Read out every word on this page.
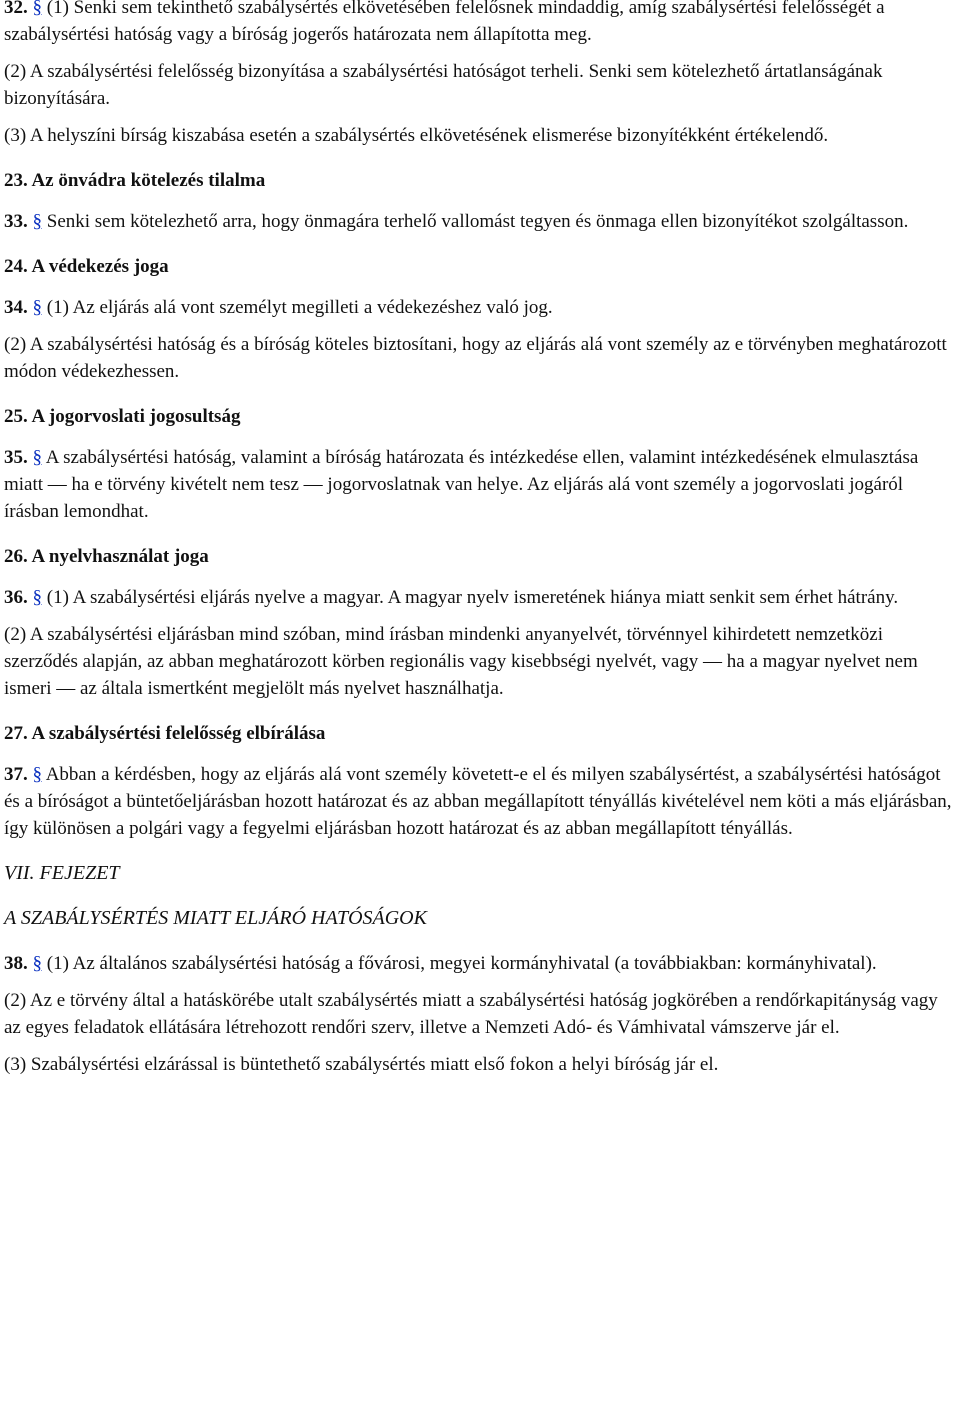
32. § (1) Senki sem tekinthető szabálysértés elkövetésében felelősnek mindaddig, amíg szabálysértési felelősségét a szabálysértési hatóság vagy a bíróság jogerős határozata nem állapította meg.

(2) A szabálysértési felelősség bizonyítása a szabálysértési hatóságot terheli. Senki sem kötelezhető ártatlanságának bizonyítására.

(3) A helyszíni bírság kiszabása esetén a szabálysértés elkövetésének elismerése bizonyítékként értékelendő.

23. Az önvádra kötelezés tilalma

33. § Senki sem kötelezhető arra, hogy önmagára terhelő vallomást tegyen és önmaga ellen bizonyítékot szolgáltasson.

24. A védekezés joga

34. § (1) Az eljárás alá vont személyt megilleti a védekezéshez való jog.

(2) A szabálysértési hatóság és a bíróság köteles biztosítani, hogy az eljárás alá vont személy az e törvényben meghatározott módon védekezhessen.

25. A jogorvoslati jogosultság

35. § A szabálysértési hatóság, valamint a bíróság határozata és intézkedése ellen, valamint intézkedésének elmulasztása miatt ― ha e törvény kivételt nem tesz ― jogorvoslatnak van helye. Az eljárás alá vont személy a jogorvoslati jogáról írásban lemondhat.

26. A nyelvhasználat joga

36. § (1) A szabálysértési eljárás nyelve a magyar. A magyar nyelv ismeretének hiánya miatt senkit sem érhet hátrány.

(2) A szabálysértési eljárásban mind szóban, mind írásban mindenki anyanyelvét, törvénnyel kihirdetett nemzetközi szerződés alapján, az abban meghatározott körben regionális vagy kisebbségi nyelvét, vagy ― ha a magyar nyelvet nem ismeri ― az általa ismertként megjelölt más nyelvet használhatja.

27. A szabálysértési felelősség elbírálása

37. § Abban a kérdésben, hogy az eljárás alá vont személy követett-e el és milyen szabálysértést, a szabálysértési hatóságot és a bíróságot a büntetőeljárásban hozott határozat és az abban megállapított tényállás kivételével nem köti a más eljárásban, így különösen a polgári vagy a fegyelmi eljárásban hozott határozat és az abban megállapított tényállás.

VII. FEJEZET

A SZABÁLYSÉRTÉS MIATT ELJÁRÓ HATÓSÁGOK

38. § (1) Az általános szabálysértési hatóság a fővárosi, megyei kormányhivatal (a továbbiakban: kormányhivatal).

(2) Az e törvény által a hatáskörébe utalt szabálysértés miatt a szabálysértési hatóság jogkörében a rendőrkapitányság vagy az egyes feladatok ellátására létrehozott rendőri szerv, illetve a Nemzeti Adó- és Vámhivatal vámszerve jár el.

(3) Szabálysértési elzárással is büntethető szabálysértés miatt első fokon a helyi bíróság jár el.
